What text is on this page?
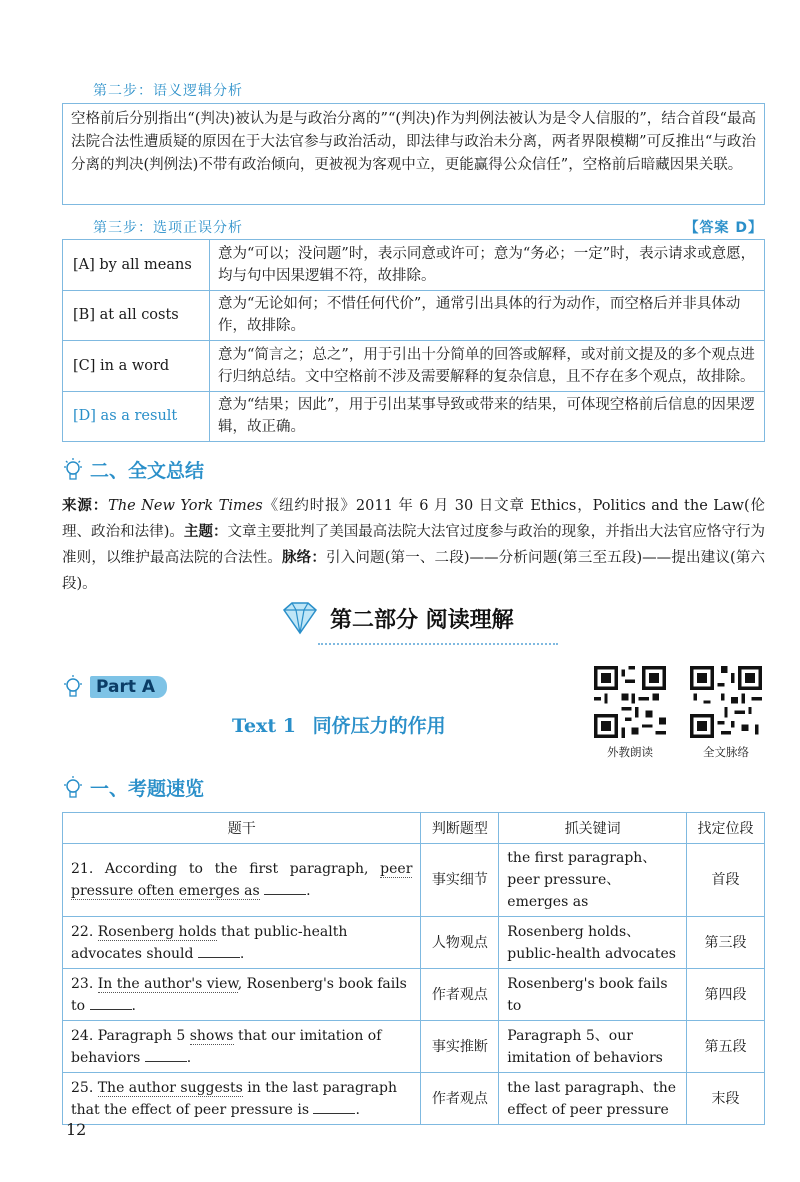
第二步：语义逻辑分析
空格前后分别指出“(判决)被认为是与政治分离的”“(判决)作为判例法被认为是令人信服的”，结合首段“最高法院合法性遭质疑的原因在于大法官参与政治活动，即法律与政治未分离，两者界限模糊”可反推出“与政治分离的判决(判例法)不带有政治倾向，更被视为客观中立，更能赢得公众信任”，空格前后暗藏因果关联。
第三步：选项正误分析	【答案 D】
[A] by all means	意为“可以；没问题”时，表示同意或许可；意为“务必；一定”时，表示请求或意愿，均与句中因果逻辑不符，故排除。
[B] at all costs	意为“无论如何；不惜任何代价”，通常引出具体的行为动作，而空格后并非具体动作，故排除。
[C] in a word	意为“简言之；总之”，用于引出十分简单的回答或解释，或对前文提及的多个观点进行归纳总结。文中空格前不涉及需要解释的复杂信息，且不存在多个观点，故排除。
[D] as a result	意为“结果；因此”，用于引出某事导致或带来的结果，可体现空格前后信息的因果逻辑，故正确。
二、全文总结
来源：The New York Times《纽约时报》2011 年 6 月 30 日文章 Ethics，Politics and the Law(伦理、政治和法律)。主题：文章主要批判了美国最高法院大法官过度参与政治的现象，并指出大法官应恪守行为准则，以维护最高法院的合法性。脉络：引入问题(第一、二段)——分析问题(第三至五段)——提出建议(第六段)。
第二部分 阅读理解
Part A
Text 1 同侪压力的作用
外教朗读	全文脉络
一、考题速览
题干	判断题型	抓关键词	找定位段
21. According to the first paragraph, peer pressure often emerges as .	事实细节	the first paragraph、peer pressure、emerges as	首段
22. Rosenberg holds that public-health advocates should .	人物观点	Rosenberg holds、public-health advocates	第三段
23. In the author's view, Rosenberg's book fails to .	作者观点	Rosenberg's book fails to	第四段
24. Paragraph 5 shows that our imitation of behaviors .	事实推断	Paragraph 5、our imitation of behaviors	第五段
25. The author suggests in the last paragraph that the effect of peer pressure is .	作者观点	the last paragraph、the effect of peer pressure	末段
12
